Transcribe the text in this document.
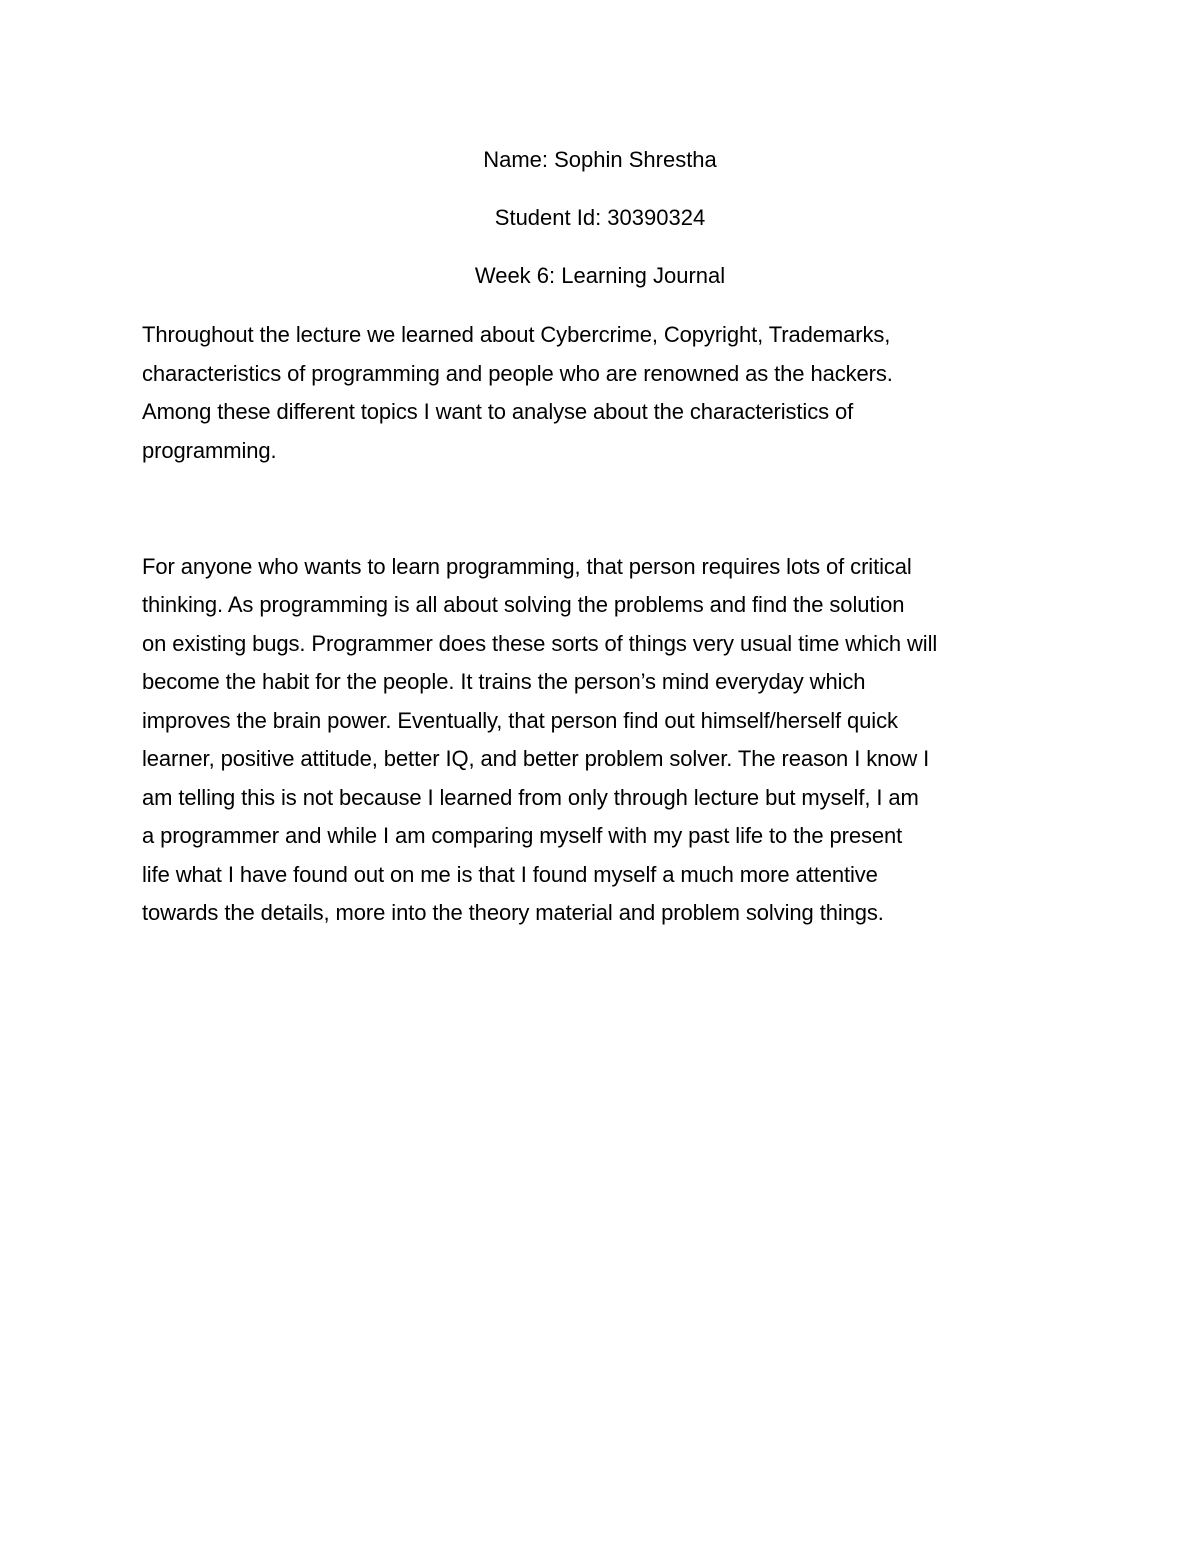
Name: Sophin Shrestha
Student Id: 30390324
Week 6: Learning Journal
Throughout the lecture we learned about Cybercrime, Copyright, Trademarks,
characteristics of programming and people who are renowned as the hackers.
Among these different topics I want to analyse about the characteristics of
programming.
For anyone who wants to learn programming, that person requires lots of critical
thinking. As programming is all about solving the problems and find the solution
on existing bugs. Programmer does these sorts of things very usual time which will
become the habit for the people. It trains the person’s mind everyday which
improves the brain power. Eventually, that person find out himself/herself quick
learner, positive attitude, better IQ, and better problem solver. The reason I know I
am telling this is not because I learned from only through lecture but myself, I am
a programmer and while I am comparing myself with my past life to the present
life what I have found out on me is that I found myself a much more attentive
towards the details, more into the theory material and problem solving things.
